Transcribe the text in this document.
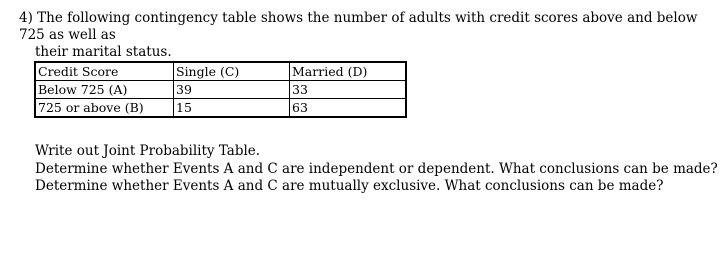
4) The following contingency table shows the number of adults with credit scores above and below 725 as well as
their marital status.
Credit Score	Single (C)	Married (D)
Below 725 (A)	39	33
725 or above (B)	15	63
Write out Joint Probability Table.
Determine whether Events A and C are independent or dependent. What conclusions can be made?
Determine whether Events A and C are mutually exclusive. What conclusions can be made?
